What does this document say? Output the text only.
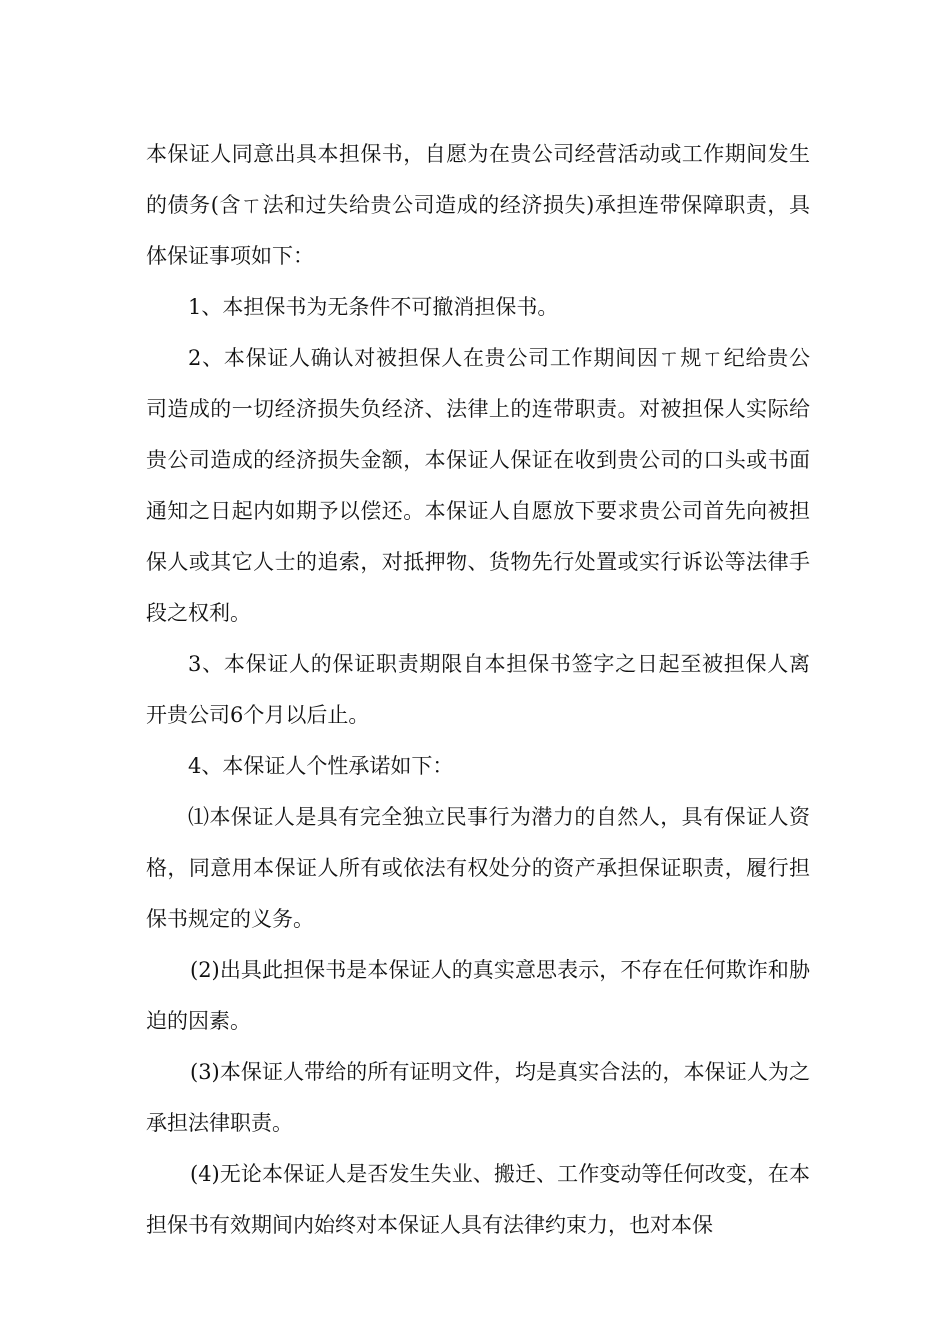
本保证人同意出具本担保书，自愿为在贵公司经营活动或工作期间发生的债务(含ㄒ法和过失给贵公司造成的经济损失)承担连带保障职责，具体保证事项如下：

1、本担保书为无条件不可撤消担保书。

2、本保证人确认对被担保人在贵公司工作期间因ㄒ规ㄒ纪给贵公司造成的一切经济损失负经济、法律上的连带职责。对被担保人实际给贵公司造成的经济损失金额，本保证人保证在收到贵公司的口头或书面通知之日起内如期予以偿还。本保证人自愿放下要求贵公司首先向被担保人或其它人士的追索，对抵押物、货物先行处置或实行诉讼等法律手段之权利。

3、本保证人的保证职责期限自本担保书签字之日起至被担保人离开贵公司6个月以后止。

4、本保证人个性承诺如下：

⑴本保证人是具有完全独立民事行为潜力的自然人，具有保证人资格，同意用本保证人所有或依法有权处分的资产承担保证职责，履行担保书规定的义务。

(2)出具此担保书是本保证人的真实意思表示，不存在任何欺诈和胁迫的因素。

(3)本保证人带给的所有证明文件，均是真实合法的，本保证人为之承担法律职责。

(4)无论本保证人是否发生失业、搬迁、工作变动等任何改变，在本担保书有效期间内始终对本保证人具有法律约束力，也对本保
